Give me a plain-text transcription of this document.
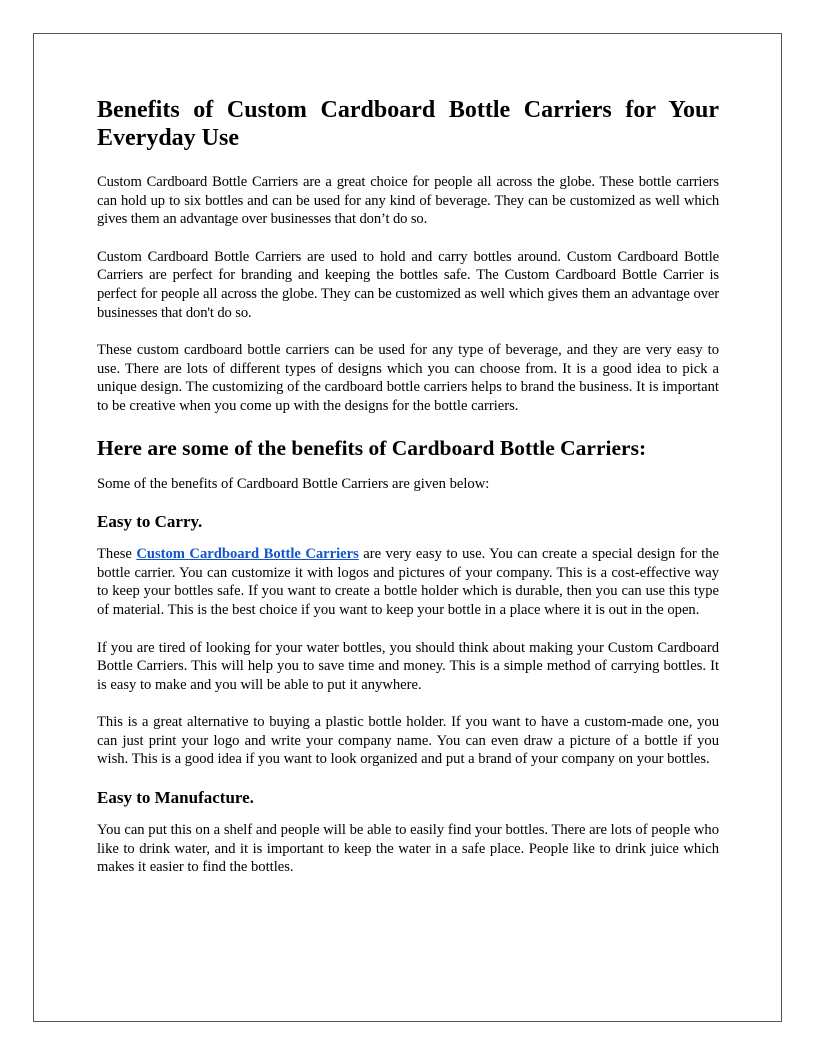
Benefits of Custom Cardboard Bottle Carriers for Your Everyday Use

Custom Cardboard Bottle Carriers are a great choice for people all across the globe. These bottle carriers can hold up to six bottles and can be used for any kind of beverage. They can be customized as well which gives them an advantage over businesses that don’t do so.

Custom Cardboard Bottle Carriers are used to hold and carry bottles around. Custom Cardboard Bottle Carriers are perfect for branding and keeping the bottles safe. The Custom Cardboard Bottle Carrier is perfect for people all across the globe. They can be customized as well which gives them an advantage over businesses that don't do so.

These custom cardboard bottle carriers can be used for any type of beverage, and they are very easy to use. There are lots of different types of designs which you can choose from. It is a good idea to pick a unique design. The customizing of the cardboard bottle carriers helps to brand the business. It is important to be creative when you come up with the designs for the bottle carriers.

Here are some of the benefits of Cardboard Bottle Carriers:

Some of the benefits of Cardboard Bottle Carriers are given below:

Easy to Carry.

These Custom Cardboard Bottle Carriers are very easy to use. You can create a special design for the bottle carrier. You can customize it with logos and pictures of your company. This is a cost-effective way to keep your bottles safe. If you want to create a bottle holder which is durable, then you can use this type of material. This is the best choice if you want to keep your bottle in a place where it is out in the open.

If you are tired of looking for your water bottles, you should think about making your Custom Cardboard Bottle Carriers. This will help you to save time and money. This is a simple method of carrying bottles. It is easy to make and you will be able to put it anywhere.

This is a great alternative to buying a plastic bottle holder. If you want to have a custom-made one, you can just print your logo and write your company name. You can even draw a picture of a bottle if you wish. This is a good idea if you want to look organized and put a brand of your company on your bottles.

Easy to Manufacture.

You can put this on a shelf and people will be able to easily find your bottles. There are lots of people who like to drink water, and it is important to keep the water in a safe place. People like to drink juice which makes it easier to find the bottles.
